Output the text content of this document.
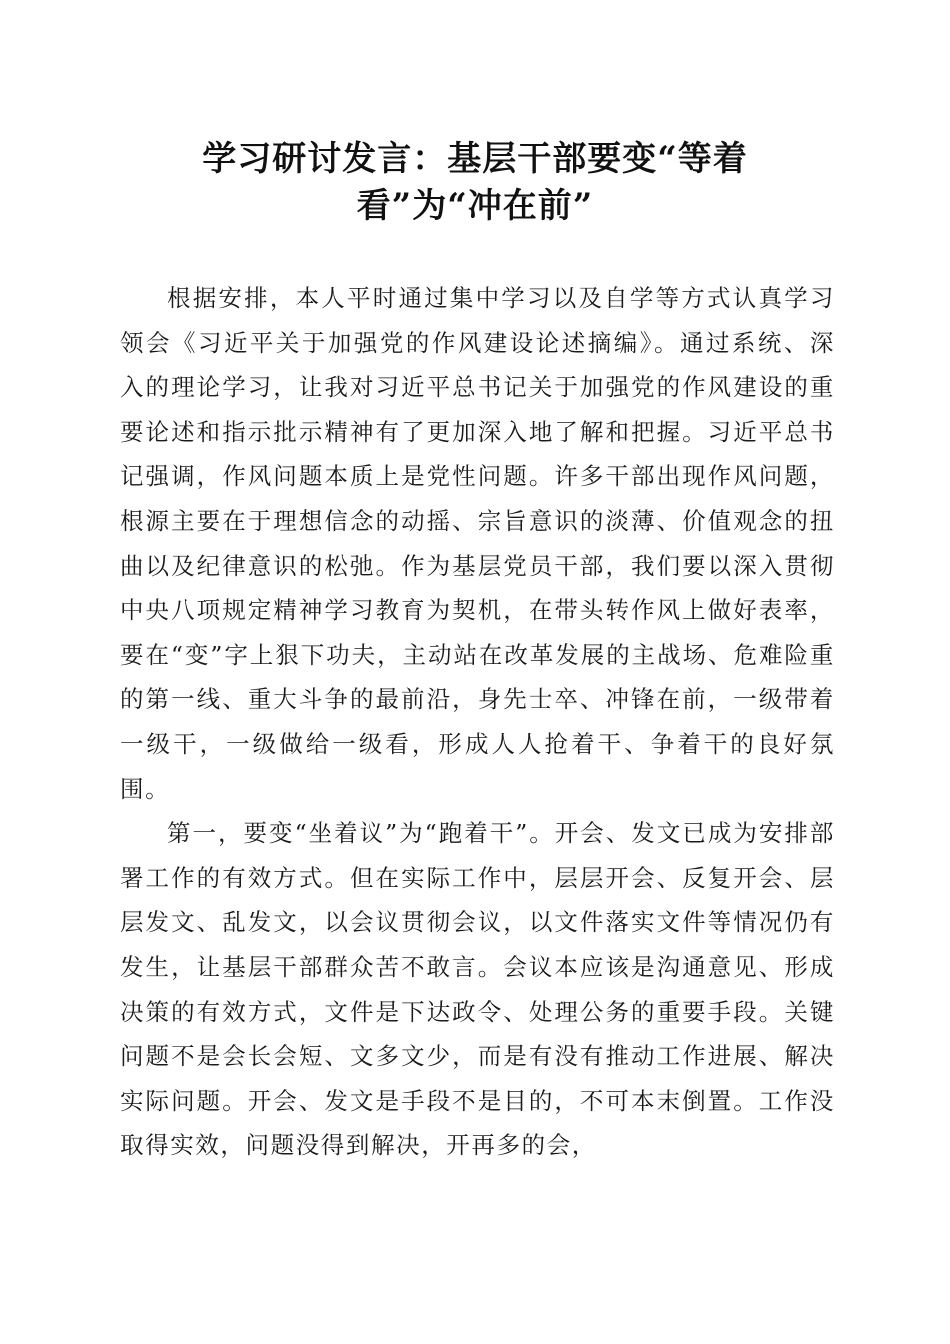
学习研讨发言：基层干部要变“等着
看”为“冲在前”

根据安排，本人平时通过集中学习以及自学等方式认真学习领会《习近平关于加强党的作风建设论述摘编》。通过系统、深入的理论学习，让我对习近平总书记关于加强党的作风建设的重要论述和指示批示精神有了更加深入地了解和把握。习近平总书记强调，作风问题本质上是党性问题。许多干部出现作风问题，根源主要在于理想信念的动摇、宗旨意识的淡薄、价值观念的扭曲以及纪律意识的松弛。作为基层党员干部，我们要以深入贯彻中央八项规定精神学习教育为契机，在带头转作风上做好表率，要在“变”字上狠下功夫，主动站在改革发展的主战场、危难险重的第一线、重大斗争的最前沿，身先士卒、冲锋在前，一级带着一级干，一级做给一级看，形成人人抢着干、争着干的良好氛围。

第一，要变“坐着议”为“跑着干”。开会、发文已成为安排部署工作的有效方式。但在实际工作中，层层开会、反复开会、层层发文、乱发文，以会议贯彻会议，以文件落实文件等情况仍有发生，让基层干部群众苦不敢言。会议本应该是沟通意见、形成决策的有效方式，文件是下达政令、处理公务的重要手段。关键问题不是会长会短、文多文少，而是有没有推动工作进展、解决实际问题。开会、发文是手段不是目的，不可本末倒置。工作没取得实效，问题没得到解决，开再多的会，
